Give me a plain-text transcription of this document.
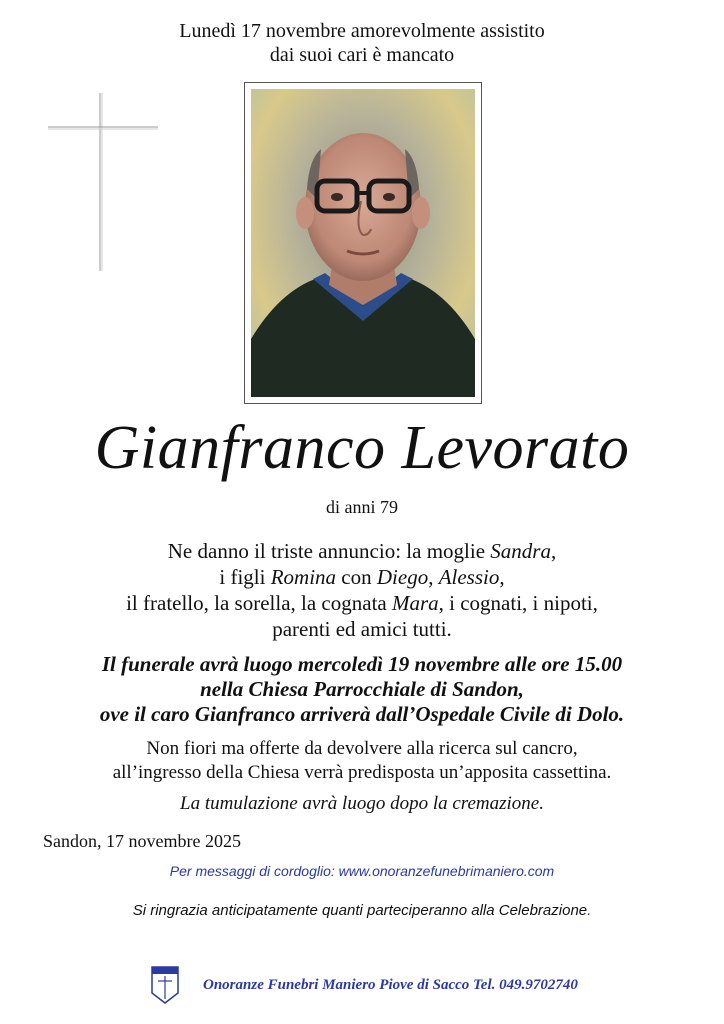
Lunedì 17 novembre amorevolmente assistito
dai suoi cari è mancato
Gianfranco Levorato
di anni 79
Ne danno il triste annuncio: la moglie Sandra,
i figli Romina con Diego, Alessio,
il fratello, la sorella, la cognata Mara, i cognati, i nipoti,
parenti ed amici tutti.
Il funerale avrà luogo mercoledì 19 novembre alle ore 15.00
nella Chiesa Parrocchiale di Sandon,
ove il caro Gianfranco arriverà dall’Ospedale Civile di Dolo.
Non fiori ma offerte da devolvere alla ricerca sul cancro,
all’ingresso della Chiesa verrà predisposta un’apposita cassettina.
La tumulazione avrà luogo dopo la cremazione.
Sandon, 17 novembre 2025
Per messaggi di cordoglio: www.onoranzefunebrimaniero.com
Si ringrazia anticipatamente quanti parteciperanno alla Celebrazione.
Onoranze Funebri Maniero Piove di Sacco Tel. 049.9702740
